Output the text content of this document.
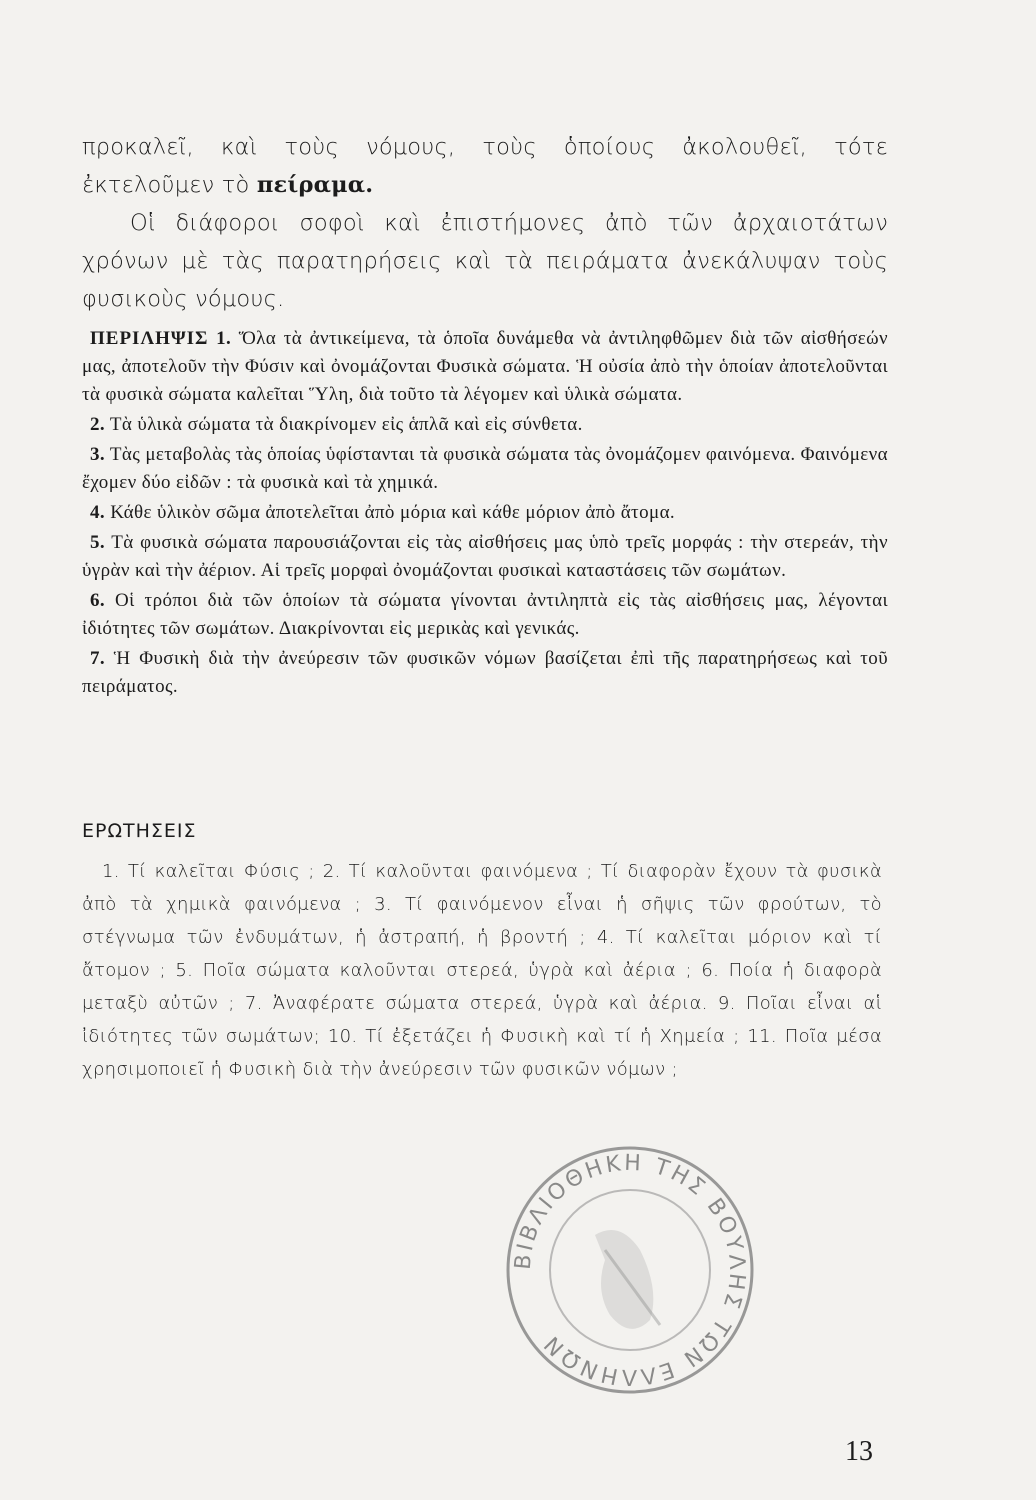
προκαλεῖ, καὶ τοὺς νόμους, τοὺς ὁποίους ἀκολουθεῖ, τότε ἐκτελοῦμεν τὸ πείραμα.

Οἱ διάφοροι σοφοὶ καὶ ἐπιστήμονες ἀπὸ τῶν ἀρχαιοτάτων χρόνων μὲ τὰς παρατηρήσεις καὶ τὰ πειράματα ἀνεκάλυψαν τοὺς φυσικοὺς νόμους.

ΠΕΡΙΛΗΨΙΣ 1. Ὅλα τὰ ἀντικείμενα, τὰ ὁποῖα δυνάμεθα νὰ ἀντιληφθῶμεν διὰ τῶν αἰσθήσεών μας, ἀποτελοῦν τὴν Φύσιν καὶ ὀνομάζονται Φυσικὰ σώματα. Ἡ οὐσία ἀπὸ τὴν ὁποίαν ἀποτελοῦνται τὰ φυσικὰ σώματα καλεῖται Ὕλη, διὰ τοῦτο τὰ λέγομεν καὶ ὑλικὰ σώματα.

2. Τὰ ὑλικὰ σώματα τὰ διακρίνομεν εἰς ἁπλᾶ καὶ εἰς σύνθετα.

3. Τὰς μεταβολὰς τὰς ὁποίας ὑφίστανται τὰ φυσικὰ σώματα τὰς ὀνομάζομεν φαινόμενα. Φαινόμενα ἔχομεν δύο εἰδῶν : τὰ φυσικὰ καὶ τὰ χημικά.

4. Κάθε ὑλικὸν σῶμα ἀποτελεῖται ἀπὸ μόρια καὶ κάθε μόριον ἀπὸ ἄτομα.

5. Τὰ φυσικὰ σώματα παρουσιάζονται εἰς τὰς αἰσθήσεις μας ὑπὸ τρεῖς μορφάς : τὴν στερεάν, τὴν ὑγρὰν καὶ τὴν ἀέριον. Αἱ τρεῖς μορφαὶ ὀνομάζονται φυσικαὶ καταστάσεις τῶν σωμάτων.

6. Οἱ τρόποι διὰ τῶν ὁποίων τὰ σώματα γίνονται ἀντιληπτὰ εἰς τὰς αἰσθήσεις μας, λέγονται ἰδιότητες τῶν σωμάτων. Διακρίνονται εἰς μερικὰς καὶ γενικάς.

7. Ἡ Φυσικὴ διὰ τὴν ἀνεύρεσιν τῶν φυσικῶν νόμων βασίζεται ἐπὶ τῆς παρατηρήσεως καὶ τοῦ πειράματος.

ΕΡΩΤΗΣΕΙΣ
1. Τί καλεῖται Φύσις ; 2. Τί καλοῦνται φαινόμενα ; Τί διαφορὰν ἔχουν τὰ φυσικὰ ἀπὸ τὰ χημικὰ φαινόμενα ; 3. Τί φαινόμενον εἶναι ἡ σῆψις τῶν φρούτων, τὸ στέγνωμα τῶν ἐνδυμάτων, ἡ ἀστραπή, ἡ βροντή ; 4. Τί καλεῖται μόριον καὶ τί ἄτομον ; 5. Ποῖα σώματα καλοῦνται στερεά, ὑγρὰ καὶ ἀέρια ; 6. Ποία ἡ διαφορὰ μεταξὺ αὐτῶν ; 7. Ἀναφέρατε σώματα στερεά, ὑγρὰ καὶ ἀέρια. 9. Ποῖαι εἶναι αἱ ἰδιότητες τῶν σωμάτων; 10. Τί ἐξετάζει ἡ Φυσικὴ καὶ τί ἡ Χημεία ; 11. Ποῖα μέσα χρησιμοποιεῖ ἡ Φυσικὴ διὰ τὴν ἀνεύρεσιν τῶν φυσικῶν νόμων ;
ΒΙΒΛΙΟΘΗΚΗ ΤΗΣ ΒΟΥΛΗΣ ΤΩΝ ΕΛΛΗΝΩΝ
13
